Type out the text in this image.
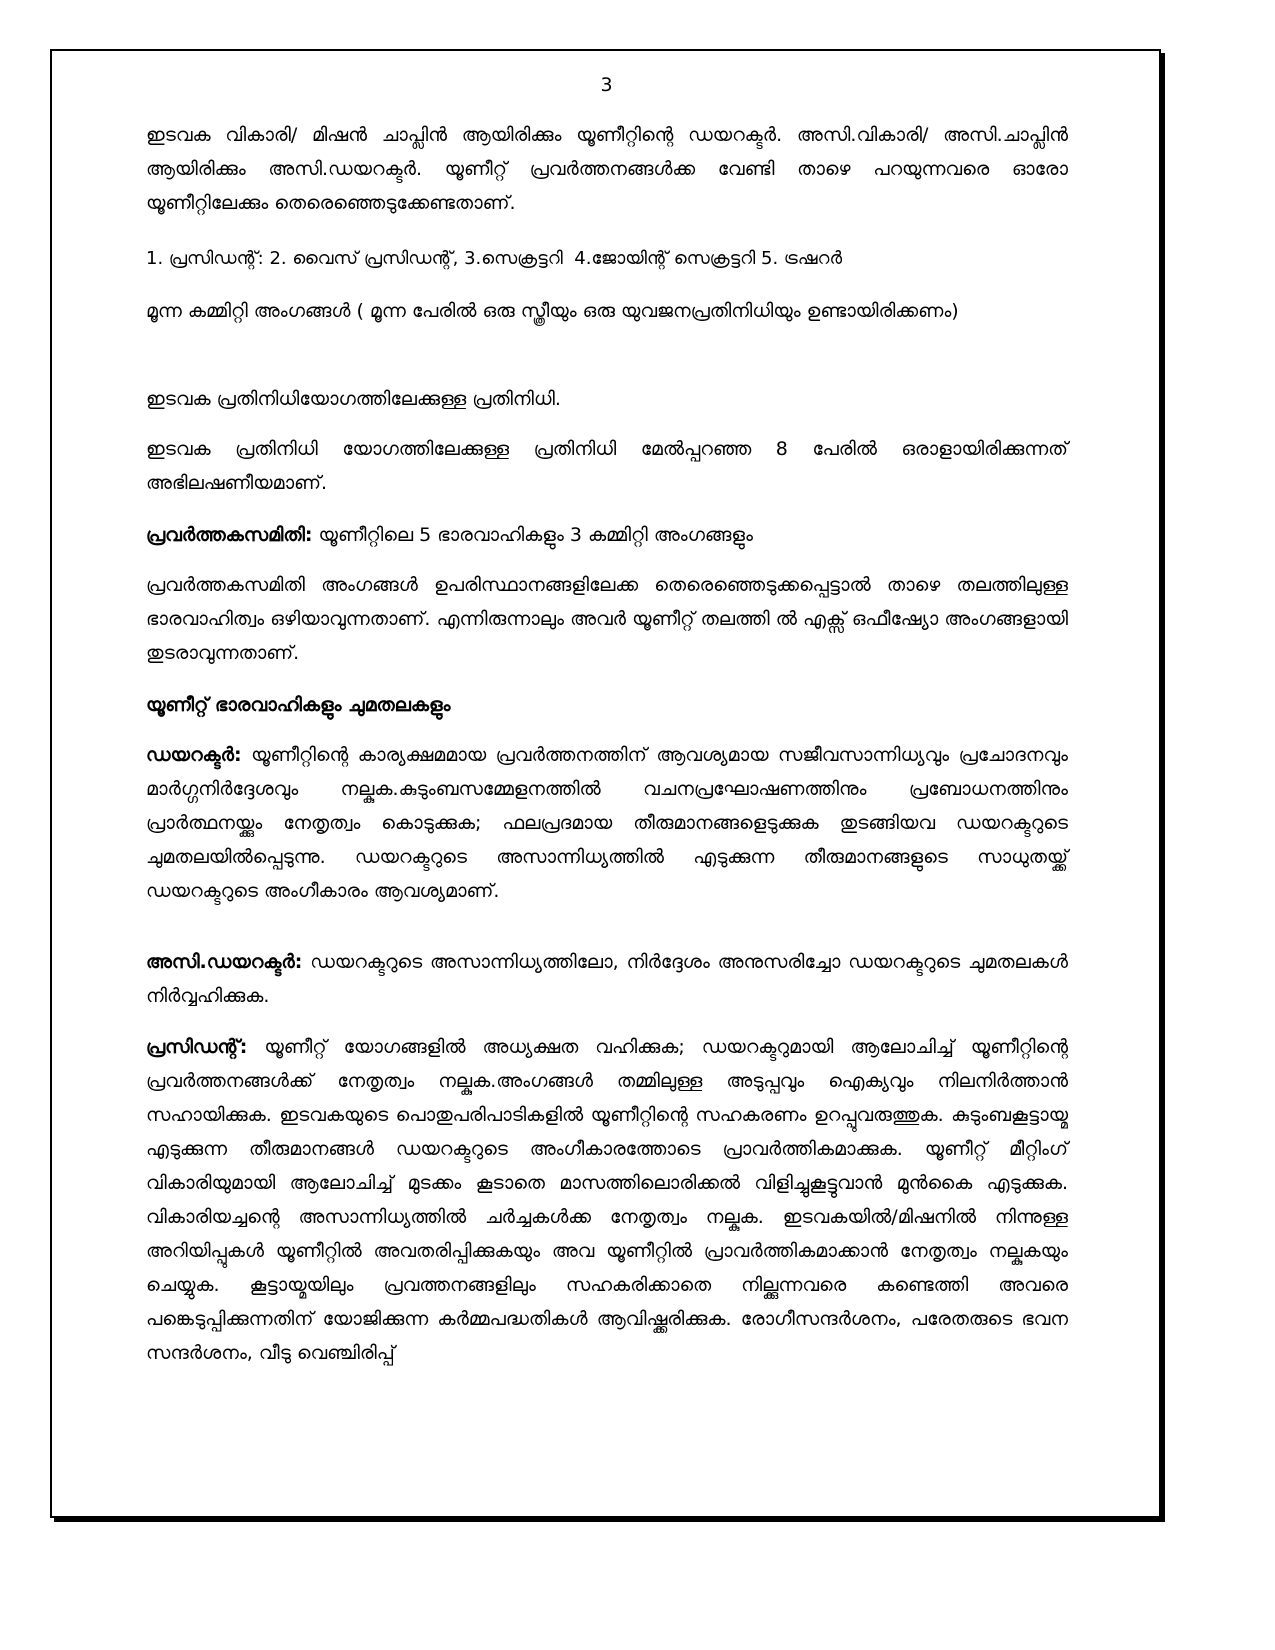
3

ഇടവക വികാരി/ മിഷൻ ചാപ്ലിൻ ആയിരിക്കും യൂണീറ്റിന്റെ ഡയറക്ടർ. അസി.വികാരി/ അസി.ചാപ്ലിൻ ആയിരിക്കും അസി.ഡയറക്ടർ. യൂണീറ്റ് പ്രവർത്തനങ്ങൾക്ക വേണ്ടി താഴെ പറയുന്നവരെ ഓരോ യൂണീറ്റിലേക്കും തെരെഞ്ഞെടുക്കേണ്ടതാണ്.

1. പ്രസിഡന്റ്: 2. വൈസ് പ്രസിഡന്റ്, 3.സെക്രട്ടറി  4.ജോയിന്റ് സെക്രട്ടറി 5. ട്രഷറർ

മൂന്ന കമ്മിറ്റി അംഗങ്ങൾ ( മൂന്ന പേരിൽ ഒരു സ്ത്രീയും ഒരു യുവജനപ്രതിനിധിയും ഉണ്ടായിരിക്കണം)

ഇടവക പ്രതിനിധിയോഗത്തിലേക്കുള്ള പ്രതിനിധി.

ഇടവക പ്രതിനിധി യോഗത്തിലേക്കുള്ള പ്രതിനിധി മേൽപ്പറഞ്ഞ 8 പേരിൽ ഒരാളായിരിക്കുന്നത് അഭിലഷണീയമാണ്.

പ്രവർത്തകസമിതി: യൂണീറ്റിലെ 5 ഭാരവാഹികളും 3 കമ്മിറ്റി അംഗങ്ങളും

പ്രവർത്തകസമിതി അംഗങ്ങൾ ഉപരിസ്ഥാനങ്ങളിലേക്ക തെരെഞ്ഞെടുക്കപ്പെട്ടാൽ താഴെ തലത്തിലുള്ള ഭാരവാഹിത്വം ഒഴിയാവുന്നതാണ്. എന്നിരുന്നാലും അവർ യൂണീറ്റ് തലത്തി ൽ എക്സ് ഒഫീഷ്യോ അംഗങ്ങളായി തുടരാവുന്നതാണ്.

യൂണീറ്റ് ഭാരവാഹികളും ചുമതലകളും

ഡയറക്ടർ: യൂണീറ്റിന്റെ കാര്യക്ഷമമായ പ്രവർത്തനത്തിന് ആവശ്യമായ സജീവസാന്നിധ്യവും പ്രചോദനവും മാർഗ്ഗനിർദ്ദേശവും നല്കുക.കുടുംബസമ്മേളനത്തിൽ വചനപ്രഘോഷണത്തിനും പ്രബോധനത്തിനും പ്രാർത്ഥനയ്ക്കും നേതൃത്വം കൊടുക്കുക; ഫലപ്രദമായ തീരുമാനങ്ങളെടുക്കുക തുടങ്ങിയവ ഡയറക്ടറുടെ ചുമതലയിൽപ്പെടുന്നു. ഡയറക്ടറുടെ അസാന്നിധ്യത്തിൽ എടുക്കുന്ന തീരുമാനങ്ങളുടെ സാധുതയ്ക്ക് ഡയറക്ടറുടെ അംഗീകാരം ആവശ്യമാണ്.

അസി.ഡയറക്ടർ: ഡയറക്ടറുടെ അസാന്നിധ്യത്തിലോ, നിർദ്ദേശം അനുസരിച്ചോ ഡയറക്ടറുടെ ചുമതലകൾ നിർവ്വഹിക്കുക.

പ്രസിഡന്റ്: യൂണീറ്റ് യോഗങ്ങളിൽ അധ്യക്ഷത വഹിക്കുക; ഡയറക്ടറുമായി ആലോചിച്ച് യൂണീറ്റിന്റെ പ്രവർത്തനങ്ങൾക്ക് നേതൃത്വം നല്കുക.അംഗങ്ങൾ തമ്മിലുള്ള അടുപ്പവും ഐക്യവും നിലനിർത്താൻ സഹായിക്കുക. ഇടവകയുടെ പൊതുപരിപാടികളിൽ യൂണീറ്റിന്റെ സഹകരണം ഉറപ്പുവരുത്തുക. കുടുംബകൂട്ടായ്മ എടുക്കുന്ന തീരുമാനങ്ങൾ ഡയറക്ടറുടെ അംഗീകാരത്തോടെ പ്രാവർത്തികമാക്കുക. യൂണീറ്റ് മീറ്റിംഗ് വികാരിയുമായി ആലോചിച്ച് മുടക്കം കൂടാതെ മാസത്തിലൊരിക്കൽ വിളിച്ചുകൂട്ടുവാൻ മുൻകൈ എടുക്കുക. വികാരിയച്ചന്റെ അസാന്നിധ്യത്തിൽ ചർച്ചകൾക്ക നേതൃത്വം നല്കുക. ഇടവകയിൽ/മിഷനിൽ നിന്നുള്ള അറിയിപ്പുകൾ യൂണീറ്റിൽ അവതരിപ്പിക്കുകയും അവ യൂണീറ്റിൽ പ്രാവർത്തികമാക്കാൻ നേതൃത്വം നല്കുകയും ചെയ്യുക. കൂട്ടായ്മയിലും പ്രവത്തനങ്ങളിലും സഹകരിക്കാതെ നില്ക്കുന്നവരെ കണ്ടെത്തി അവരെ പങ്കെടുപ്പിക്കുന്നതിന് യോജിക്കുന്ന കർമ്മപദ്ധതികൾ ആവിഷ്ക്കരിക്കുക. രോഗീസന്ദർശനം, പരേതരുടെ ഭവന സന്ദർശനം, വീടു വെഞ്ചിരിപ്പ്
